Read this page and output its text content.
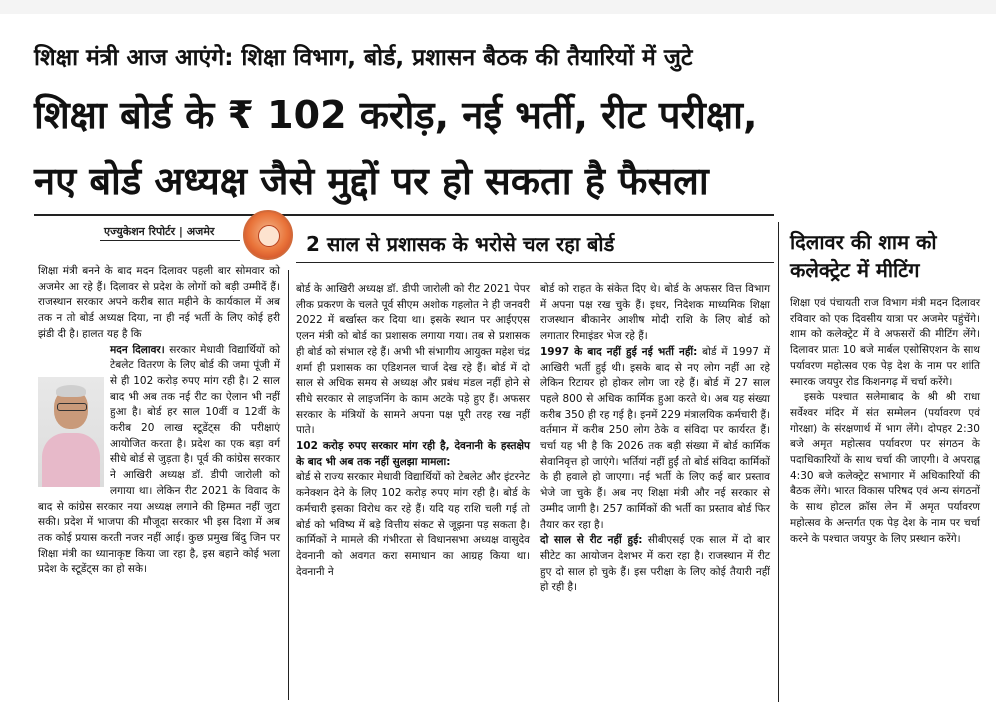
शिक्षा मंत्री आज आएंगे: शिक्षा विभाग, बोर्ड, प्रशासन बैठक की तैयारियों में जुटे
शिक्षा बोर्ड के ₹ 102 करोड़, नई भर्ती, रीट परीक्षा,
नए बोर्ड अध्यक्ष जैसे मुद्दों पर हो सकता है फैसला
एज्युकेशन रिपोर्टर | अजमेर
2 साल से प्रशासक के भरोसे चल रहा बोर्ड	दिलावर की शाम को कलेक्ट्रेट में मीटिंग

शिक्षा मंत्री बनने के बाद मदन दिलावर पहली बार सोमवार को अजमेर आ रहे हैं। दिलावर से प्रदेश के लोगों को बड़ी उम्मीदें हैं। राजस्थान सरकार अपने करीब सात महीने के कार्यकाल में अब तक न तो बोर्ड अध्यक्ष दिया, ना ही नई भर्ती के लिए कोई हरी झंडी दी है। हालत यह है कि

मदन दिलावर। सरकार मेधावी विद्यार्थियों को टेबलेट वितरण के लिए बोर्ड की जमा पूंजी में से ही 102 करोड़ रुपए मांग रही है। 2 साल बाद भी अब तक नई रीट का ऐलान भी नहीं हुआ है। बोर्ड हर साल 10वीं व 12वीं के करीब 20 लाख स्टूडेंट्स की परीक्षाएं आयोजित करता है। प्रदेश का एक बड़ा वर्ग सीधे बोर्ड से जुड़ता है। पूर्व की कांग्रेस सरकार ने आखिरी अध्यक्ष डॉ. डीपी जारोली को लगाया था। लेकिन रीट 2021 के विवाद के बाद से कांग्रेस सरकार नया अध्यक्ष लगाने की हिम्मत नहीं जुटा सकी। प्रदेश में भाजपा की मौजूदा सरकार भी इस दिशा में अब तक कोई प्रयास करती नजर नहीं आई। कुछ प्रमुख बिंदु जिन पर शिक्षा मंत्री का ध्यानाकृष्ट किया जा रहा है, इस बहाने कोई भला प्रदेश के स्टूडेंट्स का हो सके।

बोर्ड के आखिरी अध्यक्ष डॉ. डीपी जारोली को रीट 2021 पेपर लीक प्रकरण के चलते पूर्व सीएम अशोक गहलोत ने ही जनवरी 2022 में बर्खास्त कर दिया था। इसके स्थान पर आईएएस एलन मंत्री को बोर्ड का प्रशासक लगाया गया। तब से प्रशासक ही बोर्ड को संभाल रहे हैं। अभी भी संभागीय आयुक्त महेश चंद्र शर्मा ही प्रशासक का एडिशनल चार्ज देख रहे हैं। बोर्ड में दो साल से अधिक समय से अध्यक्ष और प्रबंध मंडल नहीं होने से सीधे सरकार से लाइजनिंग के काम अटके पड़े हुए हैं। अफसर सरकार के मंत्रियों के सामने अपना पक्ष पूरी तरह रख नहीं पाते।

102 करोड़ रुपए सरकार मांग रही है, देवनानी के हस्तक्षेप के बाद भी अब तक नहीं सुलझा मामला:

बोर्ड से राज्य सरकार मेधावी विद्यार्थियों को टेबलेट और इंटरनेट कनेक्शन देने के लिए 102 करोड़ रुपए मांग रही है। बोर्ड के कर्मचारी इसका विरोध कर रहे हैं। यदि यह राशि चली गई तो बोर्ड को भविष्य में बड़े वित्तीय संकट से जूझना पड़ सकता है। कार्मिकों ने मामले की गंभीरता से विधानसभा अध्यक्ष वासुदेव देवनानी को अवगत करा समाधान का आग्रह किया था। देवनानी ने

बोर्ड को राहत के संकेत दिए थे। बोर्ड के अफसर वित्त विभाग में अपना पक्ष रख चुके हैं। इधर, निदेशक माध्यमिक शिक्षा राजस्थान बीकानेर आशीष मोदी राशि के लिए बोर्ड को लगातार रिमाइंडर भेज रहे हैं।

1997 के बाद नहीं हुई नई भर्ती नहीं: बोर्ड में 1997 में आखिरी भर्ती हुई थी। इसके बाद से नए लोग नहीं आ रहे लेकिन रिटायर हो होकर लोग जा रहे हैं। बोर्ड में 27 साल पहले 800 से अधिक कार्मिक हुआ करते थे। अब यह संख्या करीब 350 ही रह गई है। इनमें 229 मंत्रालयिक कर्मचारी हैं। वर्तमान में करीब 250 लोग ठेके व संविदा पर कार्यरत हैं। चर्चा यह भी है कि 2026 तक बड़ी संख्या में बोर्ड कार्मिक सेवानिवृत्त हो जाएंगे। भर्तियां नहीं हुईं तो बोर्ड संविदा कार्मिकों के ही हवाले हो जाएगा। नई भर्ती के लिए कई बार प्रस्ताव भेजे जा चुके हैं। अब नए शिक्षा मंत्री और नई सरकार से उम्मीद जागी है। 257 कार्मिकों की भर्ती का प्रस्ताव बोर्ड फिर तैयार कर रहा है।

दो साल से रीट नहीं हुई: सीबीएसई एक साल में दो बार सीटेट का आयोजन देशभर में करा रहा है। राजस्थान में रीट हुए दो साल हो चुके हैं। इस परीक्षा के लिए कोई तैयारी नहीं हो रही है।

शिक्षा एवं पंचायती राज विभाग मंत्री मदन दिलावर रविवार को एक दिवसीय यात्रा पर अजमेर पहुंचेंगे। शाम को कलेक्ट्रेट में वे अफसरों की मीटिंग लेंगे। दिलावर प्रातः 10 बजे मार्बल एसोसिएशन के साथ पर्यावरण महोत्सव एक पेड़ देश के नाम पर शांति स्मारक जयपुर रोड किशनगढ़ में चर्चा करेंगे।

इसके पश्चात सलेमाबाद के श्री श्री राधा सर्वेश्वर मंदिर में संत सम्मेलन (पर्यावरण एवं गोरक्षा) के संरक्षणार्थ में भाग लेंगे। दोपहर 2:30 बजे अमृत महोत्सव पर्यावरण पर संगठन के पदाधिकारियों के साथ चर्चा की जाएगी। वे अपराह्न 4:30 बजे कलेक्ट्रेट सभागार में अधिकारियों की बैठक लेंगे। भारत विकास परिषद एवं अन्य संगठनों के साथ होटल क्रॉस लेन में अमृत पर्यावरण महोत्सव के अन्तर्गत एक पेड़ देश के नाम पर चर्चा करने के पश्चात जयपुर के लिए प्रस्थान करेंगे।
